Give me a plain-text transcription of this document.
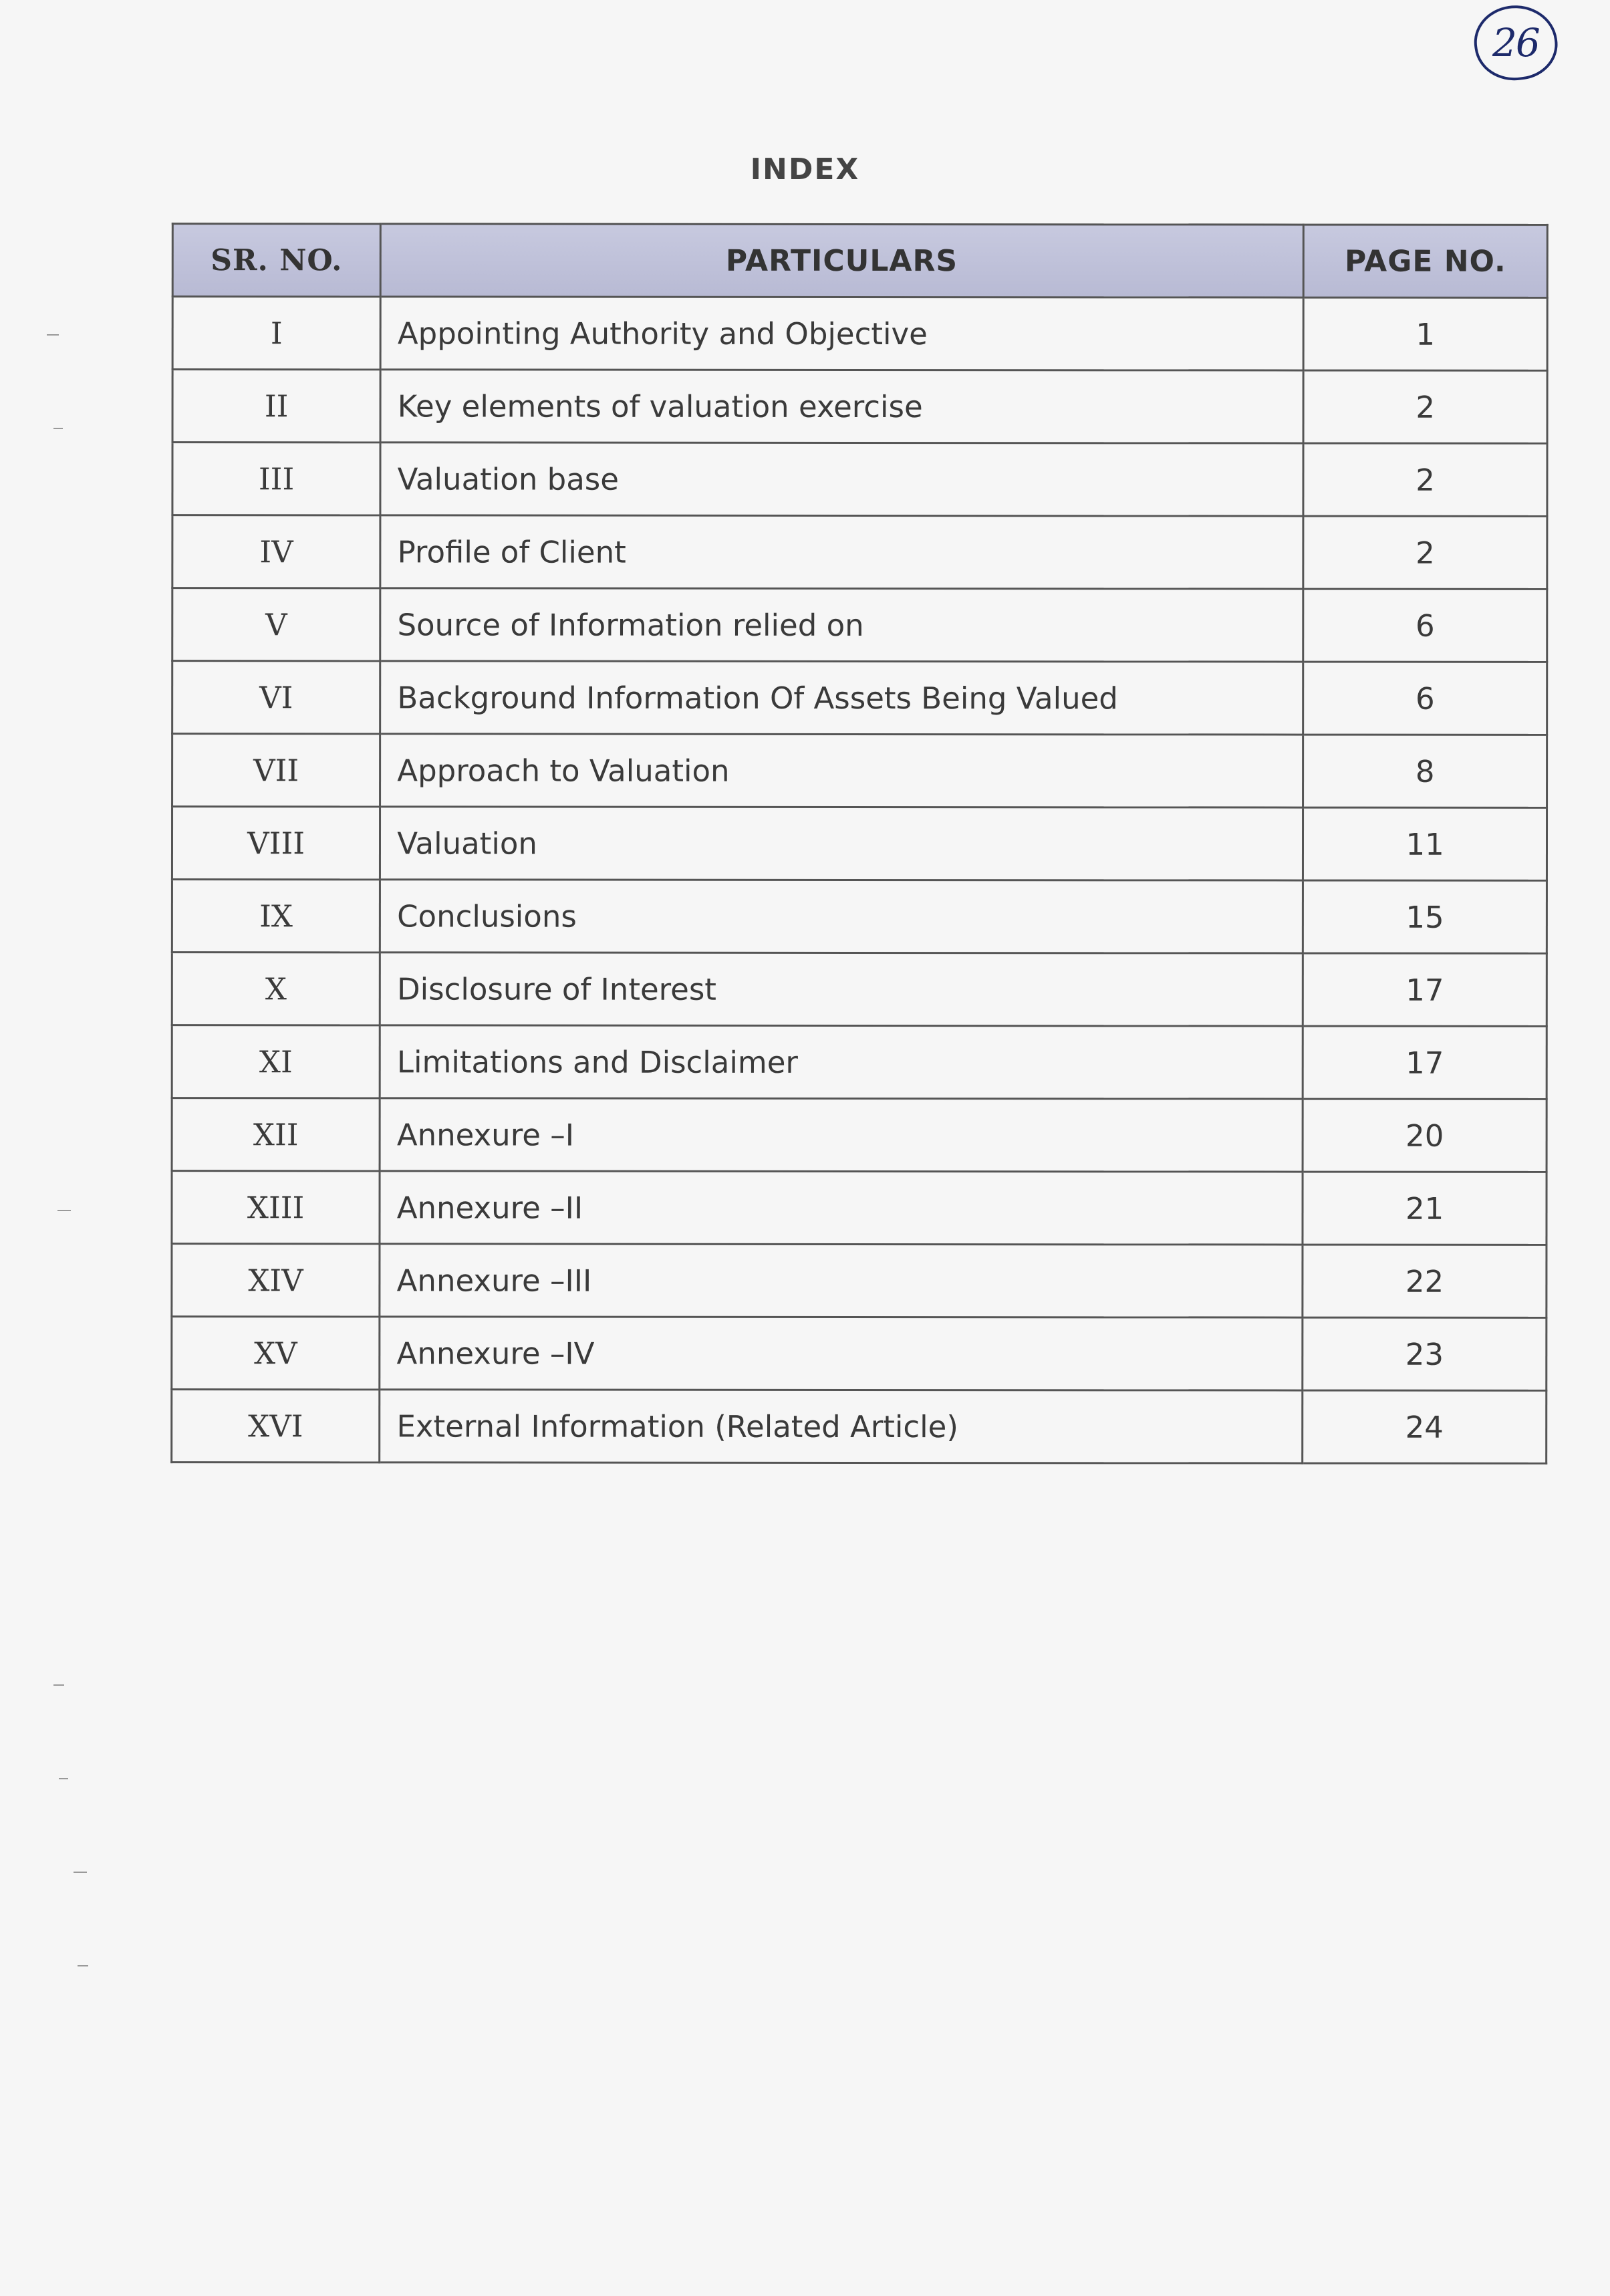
26
INDEX
SR. NO.	PARTICULARS	PAGE NO.
I	Appointing Authority and Objective	1
II	Key elements of valuation exercise	2
III	Valuation base	2
IV	Profile of Client	2
V	Source of Information relied on	6
VI	Background Information Of Assets Being Valued	6
VII	Approach to Valuation	8
VIII	Valuation	11
IX	Conclusions	15
X	Disclosure of Interest	17
XI	Limitations and Disclaimer	17
XII	Annexure –I	20
XIII	Annexure –II	21
XIV	Annexure –III	22
XV	Annexure –IV	23
XVI	External Information (Related Article)	24
